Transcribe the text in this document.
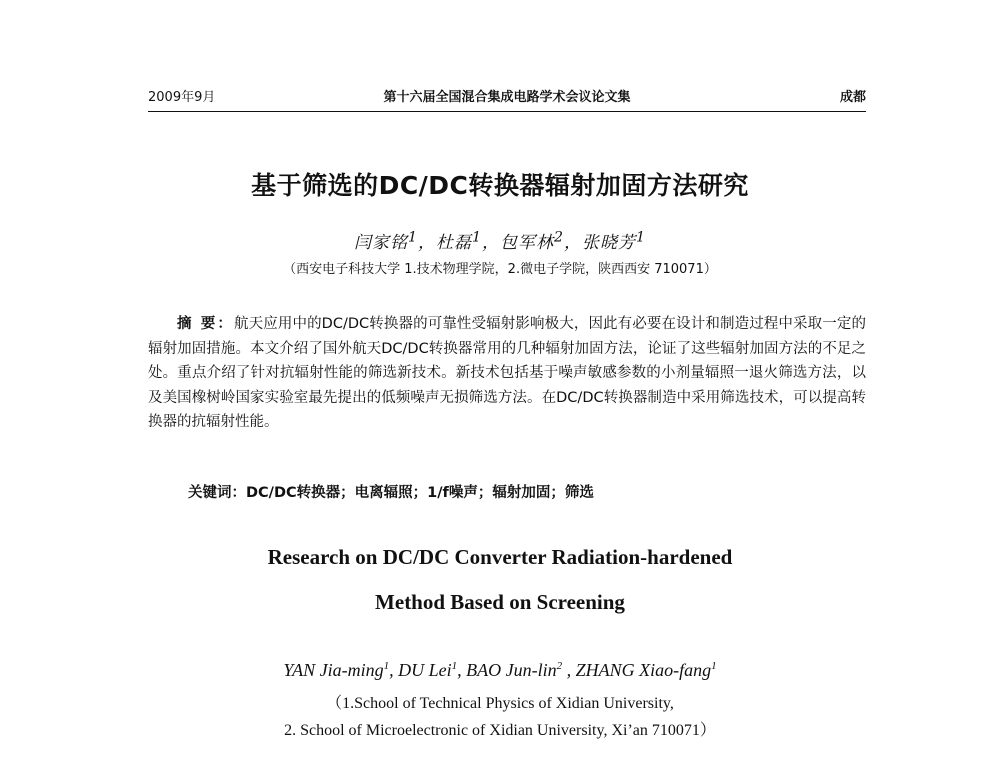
2009年9月	第十六届全国混合集成电路学术会议论文集	成都
基于筛选的DC/DC转换器辐射加固方法研究
闫家铭$^1$，杜磊$^1$，包军林$^2$，张晓芳$^1$
（西安电子科技大学 1.技术物理学院，2.微电子学院，陕西西安 710071）
摘 要：航天应用中的DC/DC转换器的可靠性受辐射影响极大，因此有必要在设计和制造过程中采取一定的辐射加固措施。本文介绍了国外航天DC/DC转换器常用的几种辐射加固方法，论证了这些辐射加固方法的不足之处。重点介绍了针对抗辐射性能的筛选新技术。新技术包括基于噪声敏感参数的小剂量辐照一退火筛选方法，以及美国橡树岭国家实验室最先提出的低频噪声无损筛选方法。在DC/DC转换器制造中采用筛选技术，可以提高转换器的抗辐射性能。
关键词：DC/DC转换器；电离辐照；1/f噪声；辐射加固；筛选
Research on DC/DC Converter Radiation-hardened
Method Based on Screening
YAN Jia-ming$^1$, DU Lei$^1$, BAO Jun-lin$^2$ , ZHANG Xiao-fang$^1$
（1.School of Technical Physics of Xidian University,
2. School of Microelectronic of Xidian University, Xi’an 710071）
